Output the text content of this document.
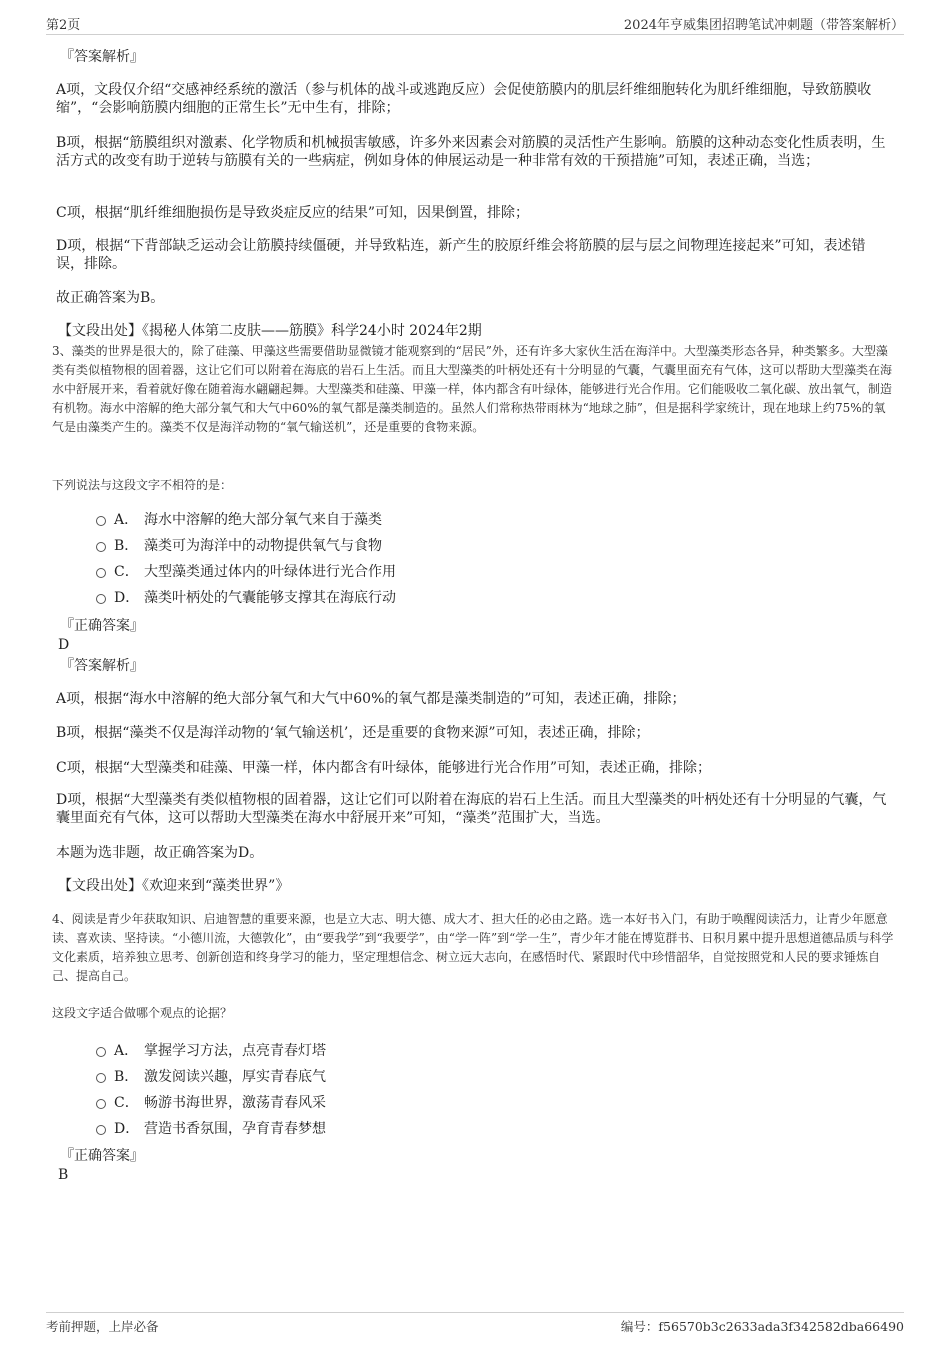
第2页	2024年亨威集团招聘笔试冲刺题（带答案解析）

『答案解析』

A项，文段仅介绍“交感神经系统的激活（参与机体的战斗或逃跑反应）会促使筋膜内的肌层纤维细胞转化为肌纤维细胞，导致筋膜收缩”，“会影响筋膜内细胞的正常生长”无中生有，排除；

B项，根据“筋膜组织对激素、化学物质和机械损害敏感，许多外来因素会对筋膜的灵活性产生影响。筋膜的这种动态变化性质表明，生活方式的改变有助于逆转与筋膜有关的一些病症，例如身体的伸展运动是一种非常有效的干预措施”可知，表述正确，当选；

C项，根据“肌纤维细胞损伤是导致炎症反应的结果”可知，因果倒置，排除；

D项，根据“下背部缺乏运动会让筋膜持续僵硬，并导致粘连，新产生的胶原纤维会将筋膜的层与层之间物理连接起来”可知，表述错误，排除。

故正确答案为B。

【文段出处】《揭秘人体第二皮肤——筋膜》科学24小时 2024年2期

3、藻类的世界是很大的，除了硅藻、甲藻这些需要借助显微镜才能观察到的“居民”外，还有许多大家伙生活在海洋中。大型藻类形态各异，种类繁多。大型藻类有类似植物根的固着器，这让它们可以附着在海底的岩石上生活。而且大型藻类的叶柄处还有十分明显的气囊，气囊里面充有气体，这可以帮助大型藻类在海水中舒展开来，看着就好像在随着海水翩翩起舞。大型藻类和硅藻、甲藻一样，体内都含有叶绿体，能够进行光合作用。它们能吸收二氧化碳、放出氧气，制造有机物。海水中溶解的绝大部分氧气和大气中60%的氧气都是藻类制造的。虽然人们常称热带雨林为“地球之肺”，但是据科学家统计，现在地球上约75%的氧气是由藻类产生的。藻类不仅是海洋动物的“氧气输送机”，还是重要的食物来源。

下列说法与这段文字不相符的是：

A． 海水中溶解的绝大部分氧气来自于藻类
B． 藻类可为海洋中的动物提供氧气与食物
C． 大型藻类通过体内的叶绿体进行光合作用
D． 藻类叶柄处的气囊能够支撑其在海底行动

『正确答案』

D

『答案解析』

A项，根据“海水中溶解的绝大部分氧气和大气中60%的氧气都是藻类制造的”可知，表述正确，排除；

B项，根据“藻类不仅是海洋动物的‘氧气输送机’，还是重要的食物来源”可知，表述正确，排除；

C项，根据“大型藻类和硅藻、甲藻一样，体内都含有叶绿体，能够进行光合作用”可知，表述正确，排除；

D项，根据“大型藻类有类似植物根的固着器，这让它们可以附着在海底的岩石上生活。而且大型藻类的叶柄处还有十分明显的气囊，气囊里面充有气体，这可以帮助大型藻类在海水中舒展开来”可知，“藻类”范围扩大，当选。

本题为选非题，故正确答案为D。

【文段出处】《欢迎来到“藻类世界”》

4、阅读是青少年获取知识、启迪智慧的重要来源，也是立大志、明大德、成大才、担大任的必由之路。选一本好书入门，有助于唤醒阅读活力，让青少年愿意读、喜欢读、坚持读。“小德川流，大德敦化”，由“要我学”到“我要学”，由“学一阵”到“学一生”，青少年才能在博览群书、日积月累中提升思想道德品质与科学文化素质，培养独立思考、创新创造和终身学习的能力，坚定理想信念、树立远大志向，在感悟时代、紧跟时代中珍惜韶华，自觉按照党和人民的要求锤炼自己、提高自己。

这段文字适合做哪个观点的论据？

A． 掌握学习方法，点亮青春灯塔
B． 激发阅读兴趣，厚实青春底气
C． 畅游书海世界，激荡青春风采
D． 营造书香氛围，孕育青春梦想

『正确答案』

B

考前押题，上岸必备	编号：f56570b3c2633ada3f342582dba66490
